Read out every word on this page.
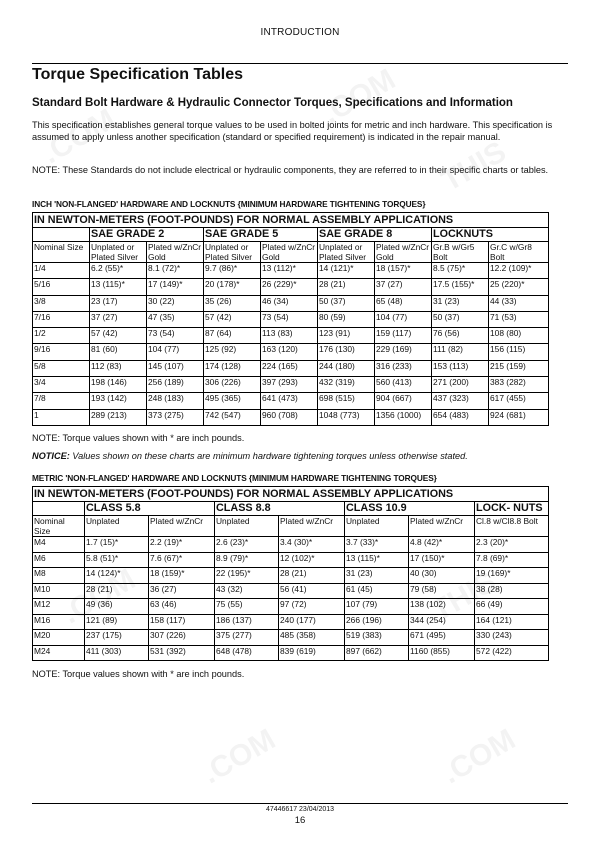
INTRODUCTION
Torque Specification Tables
Standard Bolt Hardware & Hydraulic Connector Torques, Specifications and Information

This specification establishes general torque values to be used in bolted joints for metric and inch hardware. This specification is assumed to apply unless another specification (standard or specified requirement) is indicated in the repair manual.

NOTE: These Standards do not include electrical or hydraulic components, they are referred to in their specific charts or tables.

INCH 'NON-FLANGED' HARDWARE AND LOCKNUTS {MINIMUM HARDWARE TIGHTENING TORQUES}

IN NEWTON-METERS (FOOT-POUNDS) FOR NORMAL ASSEMBLY APPLICATIONS								
	SAE GRADE 2		SAE GRADE 5		SAE GRADE 8		LOCKNUTS	
Nominal Size	Unplated or Plated Silver	Plated w/ZnCr Gold	Unplated or Plated Silver	Plated w/ZnCr Gold	Unplated or Plated Silver	Plated w/ZnCr Gold	Gr.B w/Gr5 Bolt	Gr.C w/Gr8 Bolt
1/4	6.2 (55)*	8.1 (72)*	9.7 (86)*	13 (112)*	14 (121)*	18 (157)*	8.5 (75)*	12.2 (109)*
5/16	13 (115)*	17 (149)*	20 (178)*	26 (229)*	28 (21)	37 (27)	17.5 (155)*	25 (220)*
3/8	23 (17)	30 (22)	35 (26)	46 (34)	50 (37)	65 (48)	31 (23)	44 (33)
7/16	37 (27)	47 (35)	57 (42)	73 (54)	80 (59)	104 (77)	50 (37)	71 (53)
1/2	57 (42)	73 (54)	87 (64)	113 (83)	123 (91)	159 (117)	76 (56)	108 (80)
9/16	81 (60)	104 (77)	125 (92)	163 (120)	176 (130)	229 (169)	111 (82)	156 (115)
5/8	112 (83)	145 (107)	174 (128)	224 (165)	244 (180)	316 (233)	153 (113)	215 (159)
3/4	198 (146)	256 (189)	306 (226)	397 (293)	432 (319)	560 (413)	271 (200)	383 (282)
7/8	193 (142)	248 (183)	495 (365)	641 (473)	698 (515)	904 (667)	437 (323)	617 (455)
1	289 (213)	373 (275)	742 (547)	960 (708)	1048 (773)	1356 (1000)	654 (483)	924 (681)

NOTE: Torque values shown with * are inch pounds.

NOTICE: Values shown on these charts are minimum hardware tightening torques unless otherwise stated.

METRIC 'NON-FLANGED' HARDWARE AND LOCKNUTS {MINIMUM HARDWARE TIGHTENING TORQUES}

IN NEWTON-METERS (FOOT-POUNDS) FOR NORMAL ASSEMBLY APPLICATIONS							
	CLASS 5.8		CLASS 8.8		CLASS 10.9		LOCK- NUTS
Nominal Size	Unplated	Plated w/ZnCr	Unplated	Plated w/ZnCr	Unplated	Plated w/ZnCr	Cl.8 w/Cl8.8 Bolt
M4	1.7 (15)*	2.2 (19)*	2.6 (23)*	3.4 (30)*	3.7 (33)*	4.8 (42)*	2.3 (20)*
M6	5.8 (51)*	7.6 (67)*	8.9 (79)*	12 (102)*	13 (115)*	17 (150)*	7.8 (69)*
M8	14 (124)*	18 (159)*	22 (195)*	28 (21)	31 (23)	40 (30)	19 (169)*
M10	28 (21)	36 (27)	43 (32)	56 (41)	61 (45)	79 (58)	38 (28)
M12	49 (36)	63 (46)	75 (55)	97 (72)	107 (79)	138 (102)	66 (49)
M16	121 (89)	158 (117)	186 (137)	240 (177)	266 (196)	344 (254)	164 (121)
M20	237 (175)	307 (226)	375 (277)	485 (358)	519 (383)	671 (495)	330 (243)
M24	411 (303)	531 (392)	648 (478)	839 (619)	897 (662)	1160 (855)	572 (422)

NOTE: Torque values shown with * are inch pounds.

47446617 23/04/2013
16
